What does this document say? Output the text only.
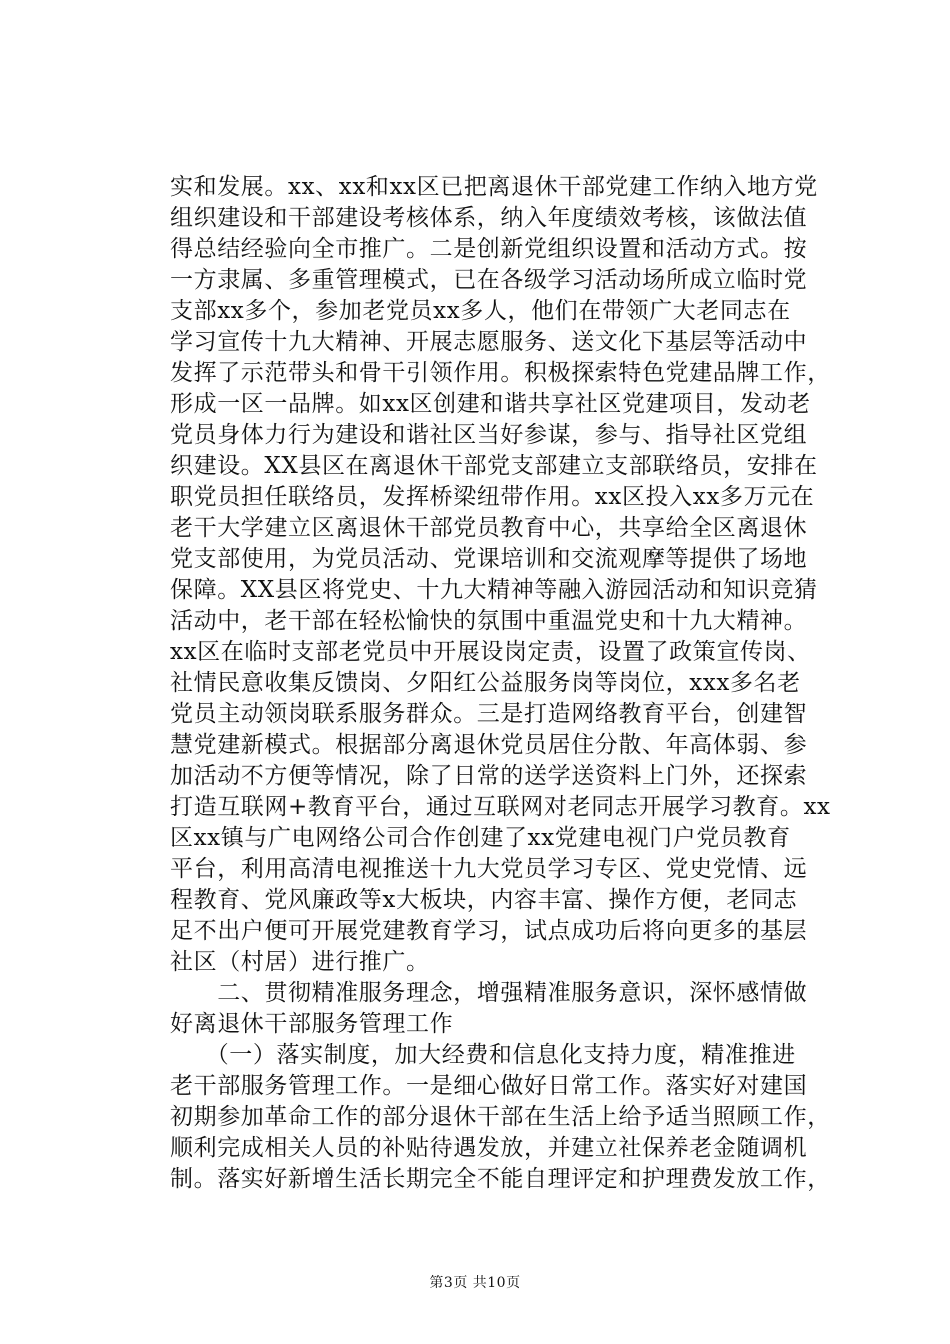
实和发展。xx、xx和xx区已把离退休干部党建工作纳入地方党
组织建设和干部建设考核体系，纳入年度绩效考核，该做法值
得总结经验向全市推广。二是创新党组织设置和活动方式。按
一方隶属、多重管理模式，已在各级学习活动场所成立临时党
支部xx多个，参加老党员xx多人，他们在带领广大老同志在
学习宣传十九大精神、开展志愿服务、送文化下基层等活动中
发挥了示范带头和骨干引领作用。积极探索特色党建品牌工作，
形成一区一品牌。如xx区创建和谐共享社区党建项目，发动老
党员身体力行为建设和谐社区当好参谋，参与、指导社区党组
织建设。XX县区在离退休干部党支部建立支部联络员，安排在
职党员担任联络员，发挥桥梁纽带作用。xx区投入xx多万元在
老干大学建立区离退休干部党员教育中心，共享给全区离退休
党支部使用，为党员活动、党课培训和交流观摩等提供了场地
保障。XX县区将党史、十九大精神等融入游园活动和知识竞猜
活动中，老干部在轻松愉快的氛围中重温党史和十九大精神。
xx区在临时支部老党员中开展设岗定责，设置了政策宣传岗、
社情民意收集反馈岗、夕阳红公益服务岗等岗位，xxx多名老
党员主动领岗联系服务群众。三是打造网络教育平台，创建智
慧党建新模式。根据部分离退休党员居住分散、年高体弱、参
加活动不方便等情况，除了日常的送学送资料上门外，还探索
打造互联网+教育平台，通过互联网对老同志开展学习教育。xx
区xx镇与广电网络公司合作创建了xx党建电视门户党员教育
平台，利用高清电视推送十九大党员学习专区、党史党情、远
程教育、党风廉政等x大板块，内容丰富、操作方便，老同志
足不出户便可开展党建教育学习，试点成功后将向更多的基层
社区（村居）进行推广。
　　二、贯彻精准服务理念，增强精准服务意识，深怀感情做
好离退休干部服务管理工作
　　（一）落实制度，加大经费和信息化支持力度，精准推进
老干部服务管理工作。一是细心做好日常工作。落实好对建国
初期参加革命工作的部分退休干部在生活上给予适当照顾工作，
顺利完成相关人员的补贴待遇发放，并建立社保养老金随调机
制。落实好新增生活长期完全不能自理评定和护理费发放工作，
第3页 共10页
